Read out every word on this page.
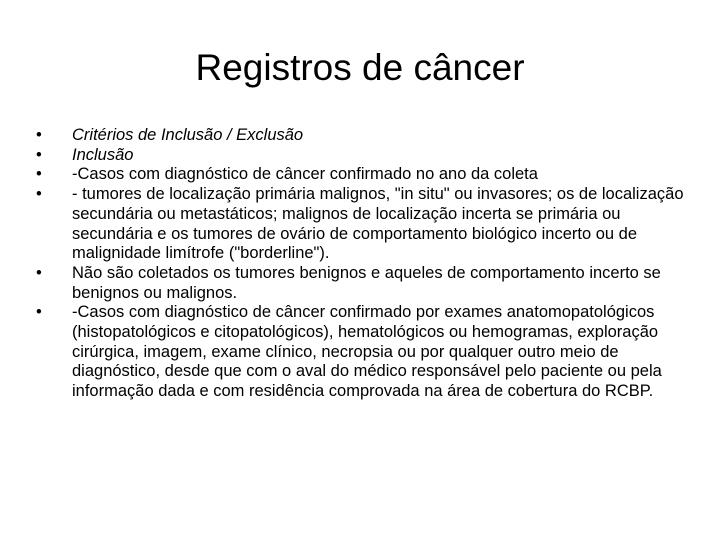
Registros de câncer
•	Critérios de Inclusão / Exclusão
•	Inclusão
•	-Casos com diagnóstico de câncer confirmado no ano da coleta
•	- tumores de localização primária malignos, "in situ" ou invasores; os de localização secundária ou metastáticos; malignos de localização incerta se primária ou secundária e os tumores de ovário de comportamento biológico incerto ou de malignidade limítrofe ("borderline").
•	Não são coletados os tumores benignos e aqueles de comportamento incerto se benignos ou malignos.
•	-Casos com diagnóstico de câncer confirmado por exames anatomopatológicos (histopatológicos e citopatológicos), hematológicos ou hemogramas, exploração cirúrgica, imagem, exame clínico, necropsia ou por qualquer outro meio de diagnóstico, desde que com o aval do médico responsável pelo paciente ou pela informação dada e com residência comprovada na área de cobertura do RCBP.
